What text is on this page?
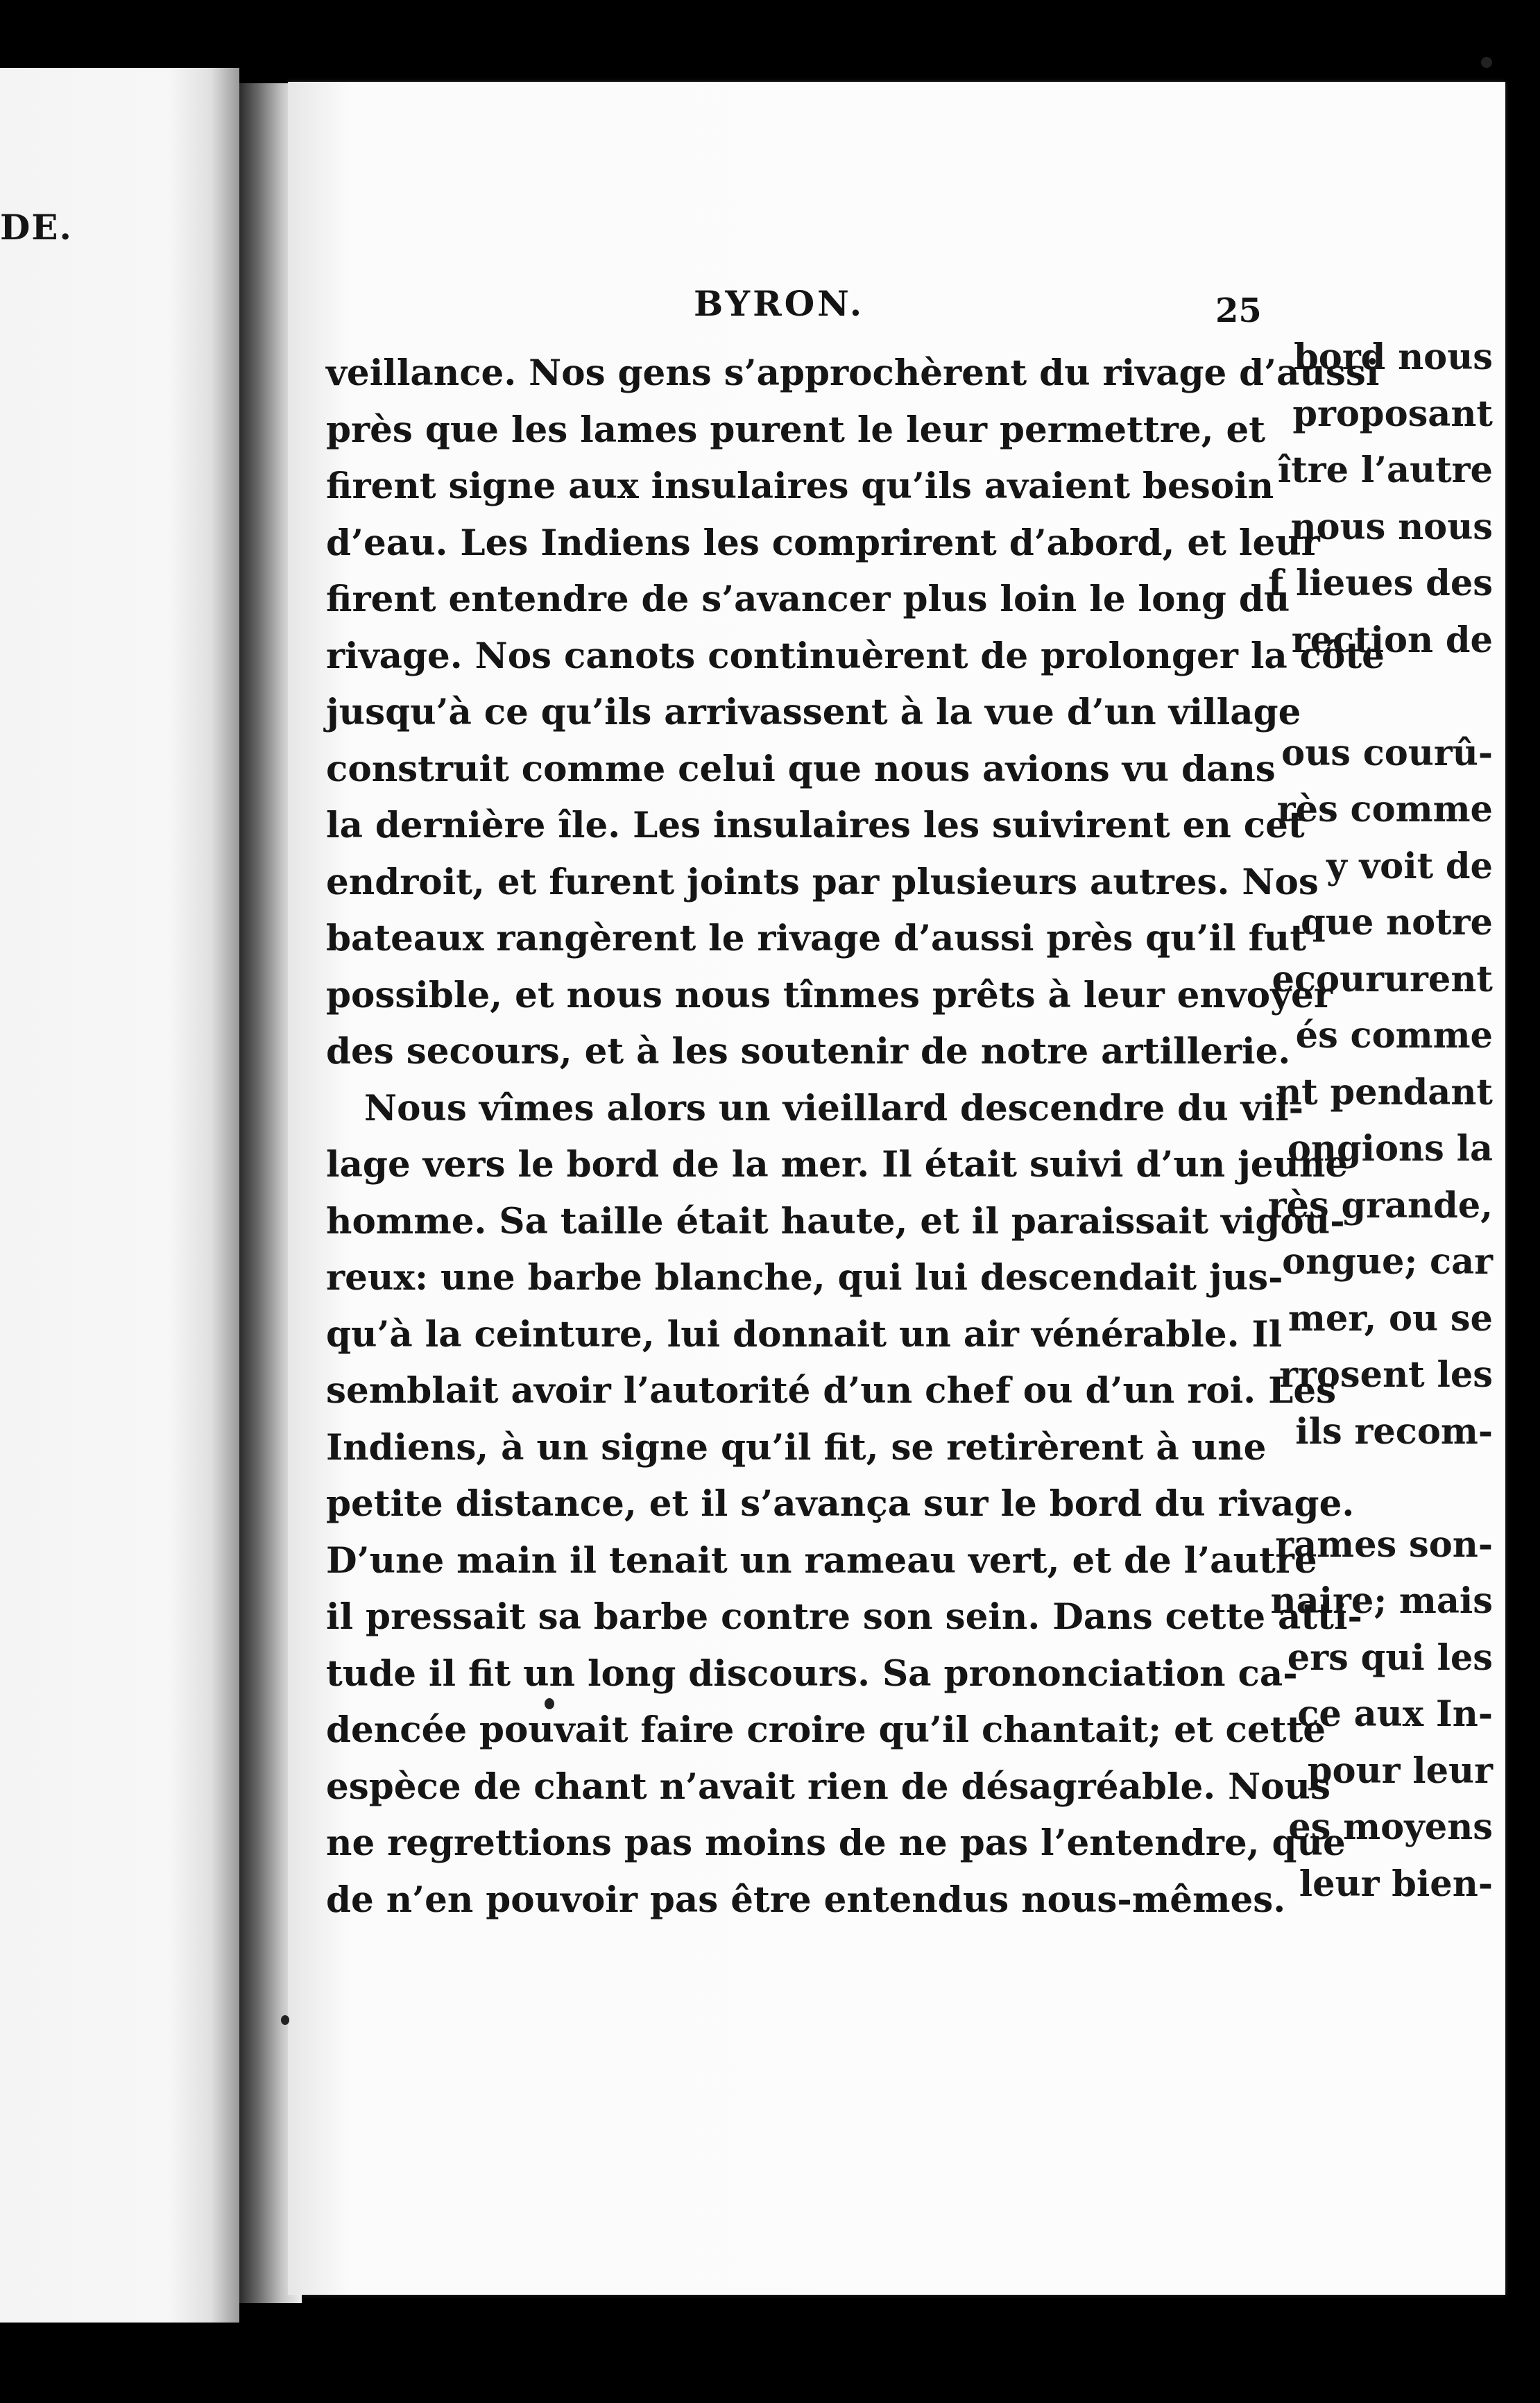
DE.
bord nous
proposant
ître l’autre
nous nous
f lieues des
rection de
ous courû-
rès comme
y voit de
que notre
ecoururent
és comme
nt pendant
ongions la
rès grande,
ongue; car
mer, ou se
rrosent les
ils recom-
rames son-
naire; mais
ers qui les
ce aux In-
pour leur
es moyens
leur bien-
BYRON.	25
veillance. Nos gens s’approchèrent du rivage d’aussi
près que les lames purent le leur permettre, et
firent signe aux insulaires qu’ils avaient besoin
d’eau. Les Indiens les comprirent d’abord, et leur
firent entendre de s’avancer plus loin le long du
rivage. Nos canots continuèrent de prolonger la côte
jusqu’à ce qu’ils arrivassent à la vue d’un village
construit comme celui que nous avions vu dans
la dernière île. Les insulaires les suivirent en cet
endroit, et furent joints par plusieurs autres. Nos
bateaux rangèrent le rivage d’aussi près qu’il fut
possible, et nous nous tînmes prêts à leur envoyer
des secours, et à les soutenir de notre artillerie.
Nous vîmes alors un vieillard descendre du vil-
lage vers le bord de la mer. Il était suivi d’un jeune
homme. Sa taille était haute, et il paraissait vigou-
reux: une barbe blanche, qui lui descendait jus-
qu’à la ceinture, lui donnait un air vénérable. Il
semblait avoir l’autorité d’un chef ou d’un roi. Les
Indiens, à un signe qu’il fit, se retirèrent à une
petite distance, et il s’avança sur le bord du rivage.
D’une main il tenait un rameau vert, et de l’autre
il pressait sa barbe contre son sein. Dans cette atti-
tude il fit un long discours. Sa prononciation ca-
dencée pouvait faire croire qu’il chantait; et cette
espèce de chant n’avait rien de désagréable. Nous
ne regrettions pas moins de ne pas l’entendre, que
de n’en pouvoir pas être entendus nous-mêmes.
